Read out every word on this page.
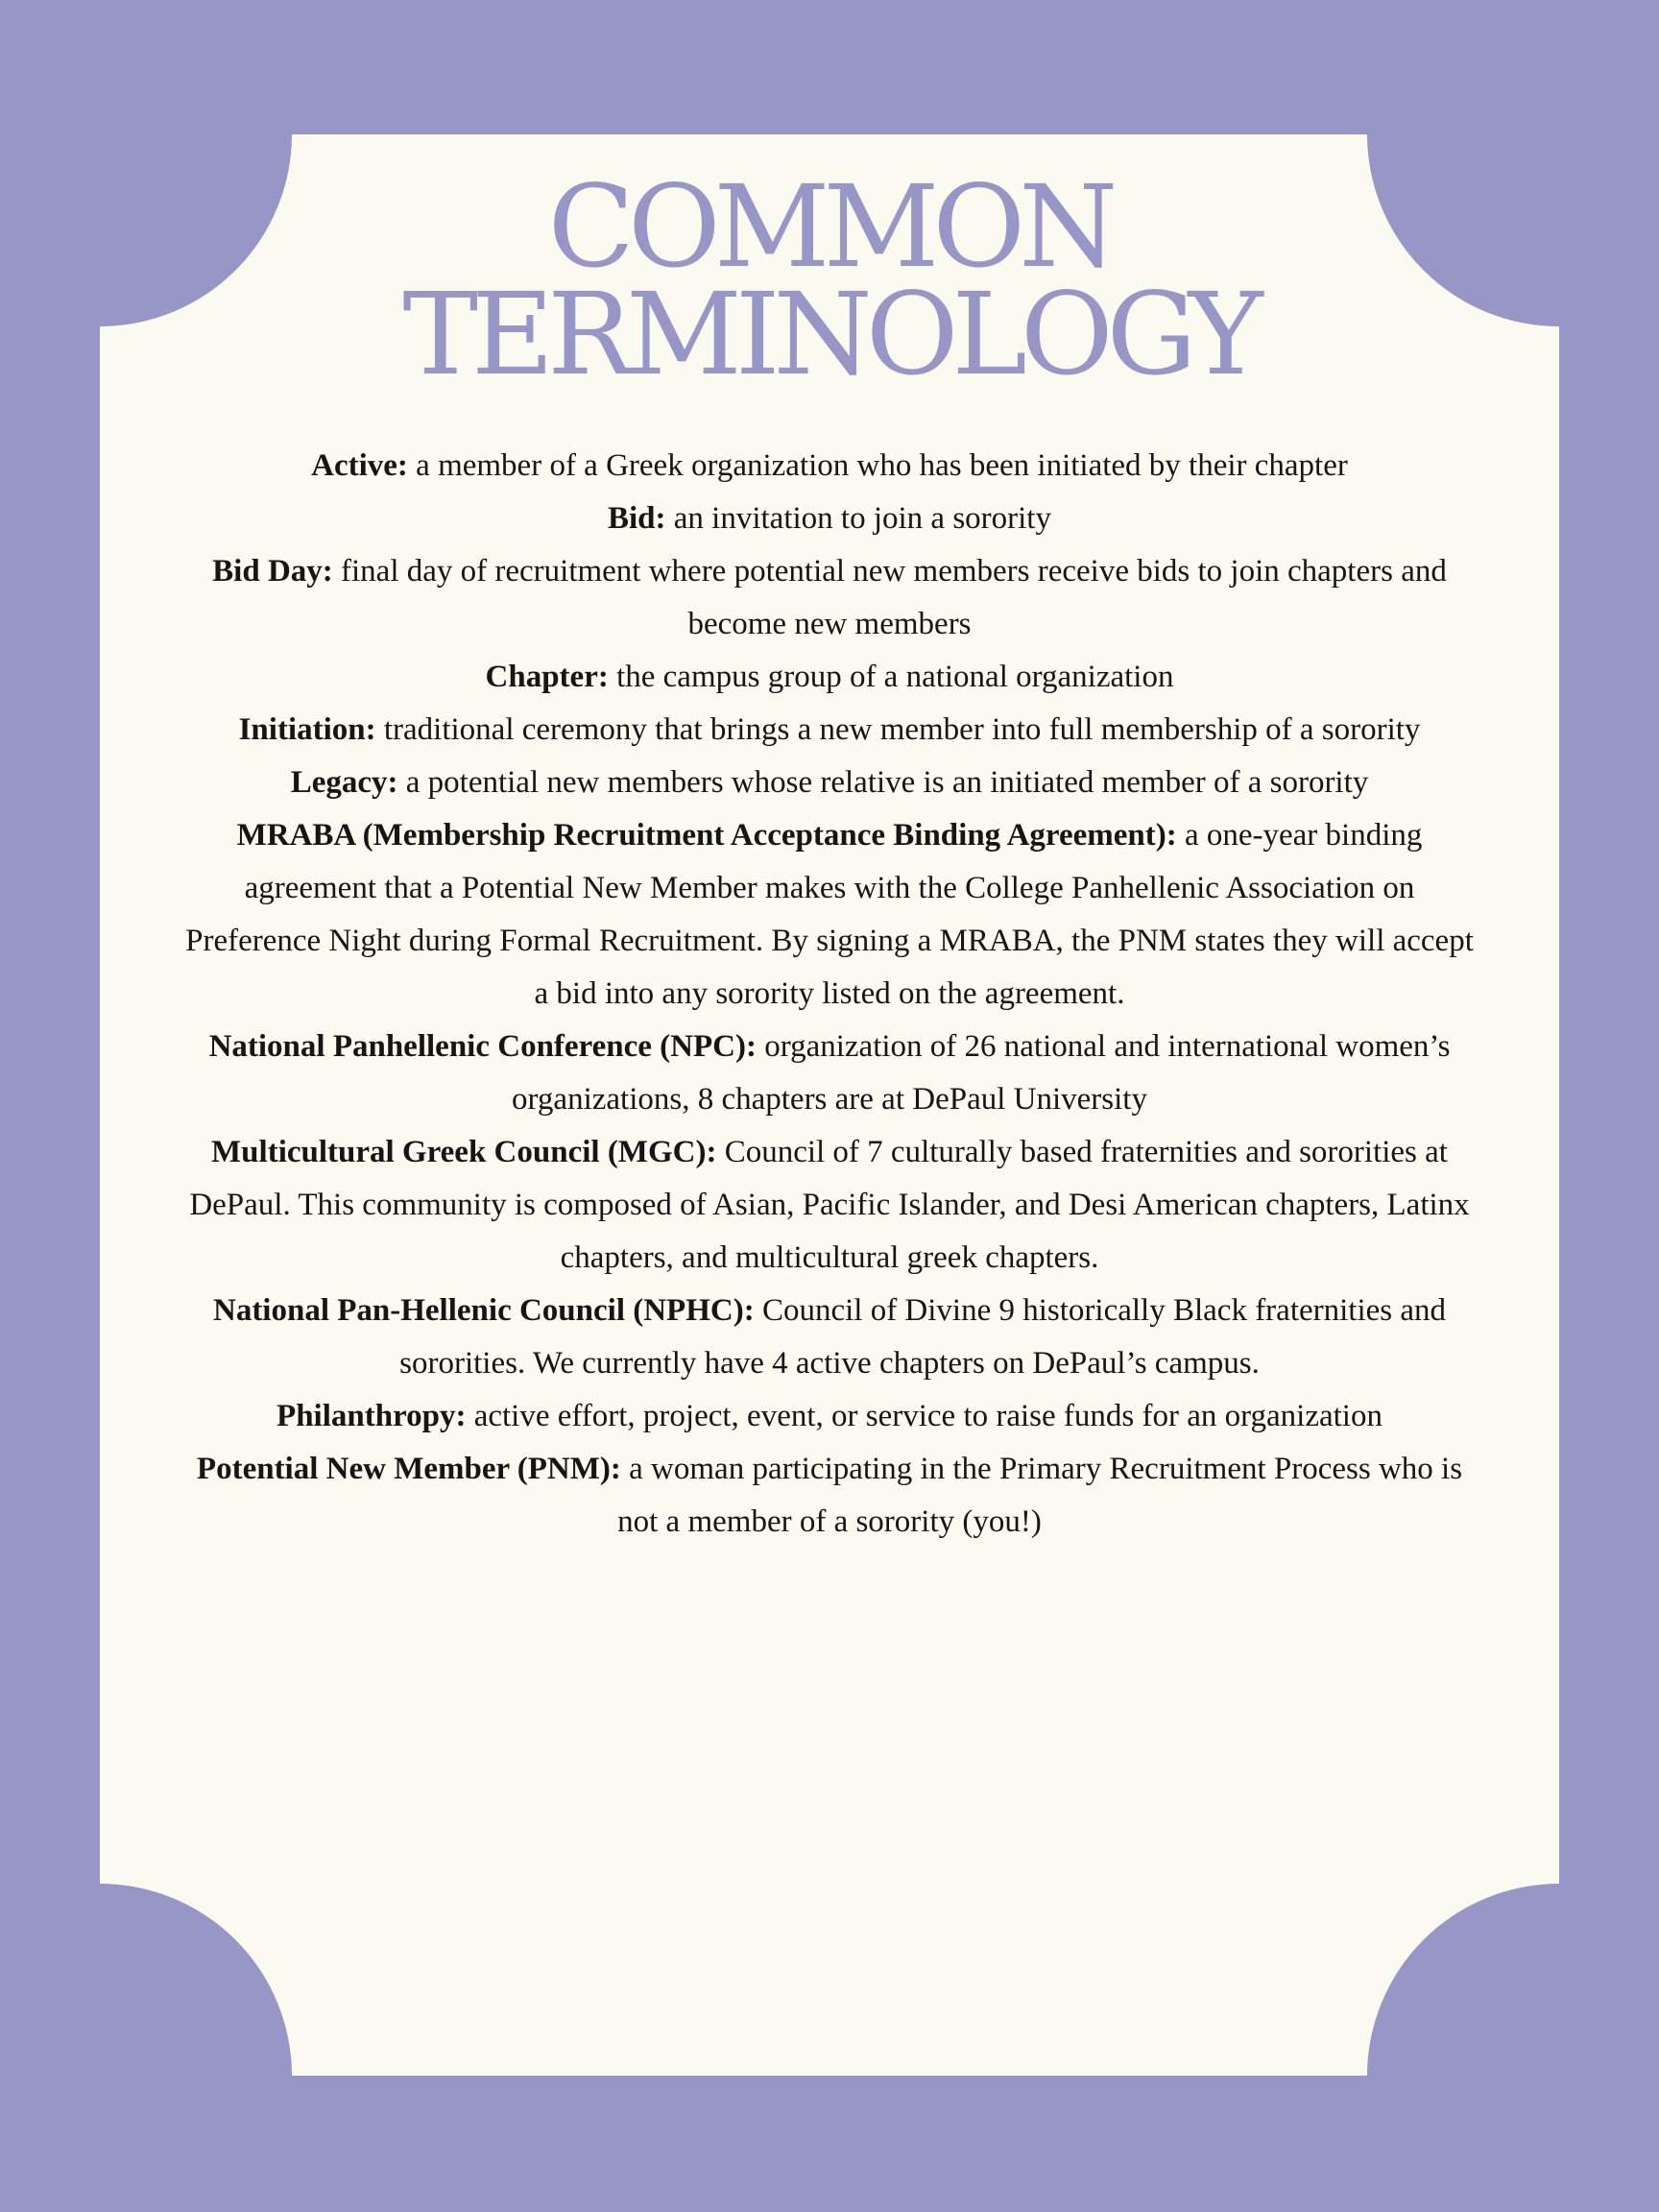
COMMON
TERMINOLOGY

Active: a member of a Greek organization who has been initiated by their chapter

Bid: an invitation to join a sorority

Bid Day: final day of recruitment where potential new members receive bids to join chapters and become new members

Chapter: the campus group of a national organization

Initiation: traditional ceremony that brings a new member into full membership of a sorority

Legacy: a potential new members whose relative is an initiated member of a sorority

MRABA (Membership Recruitment Acceptance Binding Agreement): a one-year binding agreement that a Potential New Member makes with the College Panhellenic Association on

Preference Night during Formal Recruitment. By signing a MRABA, the PNM states they will accept a bid into any sorority listed on the agreement.

National Panhellenic Conference (NPC): organization of 26 national and international women’s organizations, 8 chapters are at DePaul University

Multicultural Greek Council (MGC): Council of 7 culturally based fraternities and sororities at DePaul. This community is composed of Asian, Pacific Islander, and Desi American chapters, Latinx chapters, and multicultural greek chapters.

National Pan-Hellenic Council (NPHC): Council of Divine 9 historically Black fraternities and sororities. We currently have 4 active chapters on DePaul’s campus.

Philanthropy: active effort, project, event, or service to raise funds for an organization

Potential New Member (PNM): a woman participating in the Primary Recruitment Process who is not a member of a sorority (you!)
